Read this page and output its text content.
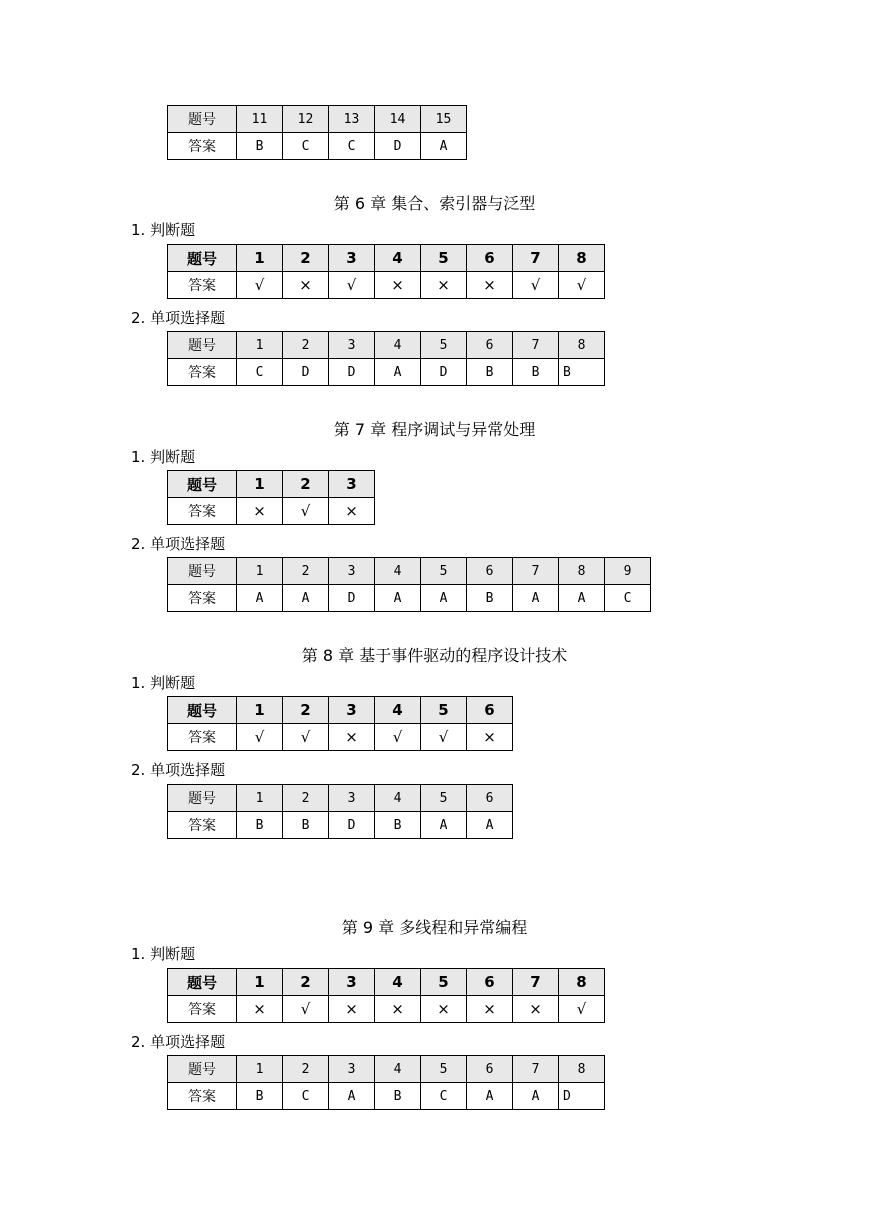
题号	11	12	13	14	15
答案	B	C	C	D	A
第 6 章 集合、索引器与泛型
1. 判断题
题号	1	2	3	4	5	6	7	8
答案	√	×	√	×	×	×	√	√
2. 单项选择题
题号	1	2	3	4	5	6	7	8
答案	C	D	D	A	D	B	B	B
第 7 章 程序调试与异常处理
1. 判断题
题号	1	2	3
答案	×	√	×
2. 单项选择题
题号	1	2	3	4	5	6	7	8	9
答案	A	A	D	A	A	B	A	A	C
第 8 章 基于事件驱动的程序设计技术
1. 判断题
题号	1	2	3	4	5	6
答案	√	√	×	√	√	×
2. 单项选择题
题号	1	2	3	4	5	6
答案	B	B	D	B	A	A
第 9 章 多线程和异常编程
1. 判断题
题号	1	2	3	4	5	6	7	8
答案	×	√	×	×	×	×	×	√
2. 单项选择题
题号	1	2	3	4	5	6	7	8
答案	B	C	A	B	C	A	A	D
